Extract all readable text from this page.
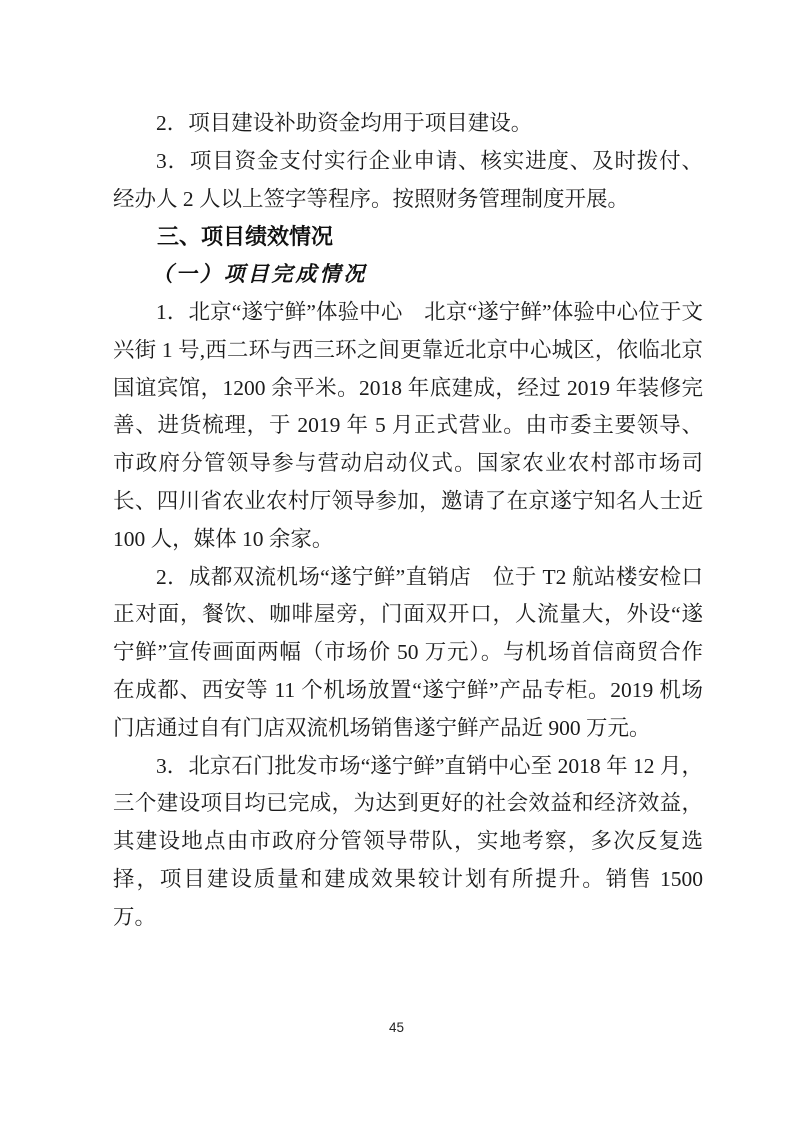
2．项目建设补助资金均用于项目建设。

3．项目资金支付实行企业申请、核实进度、及时拨付、经办人 2 人以上签字等程序。按照财务管理制度开展。

三、项目绩效情况
（一）项目完成情况

1．北京“遂宁鲜”体验中心　北京“遂宁鲜”体验中心位于文兴街 1 号,西二环与西三环之间更靠近北京中心城区，依临北京国谊宾馆，1200 余平米。2018 年底建成，经过 2019 年装修完善、进货梳理，于 2019 年 5 月正式营业。由市委主要领导、市政府分管领导参与营动启动仪式。国家农业农村部市场司长、四川省农业农村厅领导参加，邀请了在京遂宁知名人士近 100 人，媒体 10 余家。

2．成都双流机场“遂宁鲜”直销店　位于 T2 航站楼安检口正对面，餐饮、咖啡屋旁，门面双开口，人流量大，外设“遂宁鲜”宣传画面两幅（市场价 50 万元）。与机场首信商贸合作在成都、西安等 11 个机场放置“遂宁鲜”产品专柜。2019 机场门店通过自有门店双流机场销售遂宁鲜产品近 900 万元。

3．北京石门批发市场“遂宁鲜”直销中心至 2018 年 12 月，三个建设项目均已完成，为达到更好的社会效益和经济效益，其建设地点由市政府分管领导带队，实地考察，多次反复选择，项目建设质量和建成效果较计划有所提升。销售 1500 万。

45
